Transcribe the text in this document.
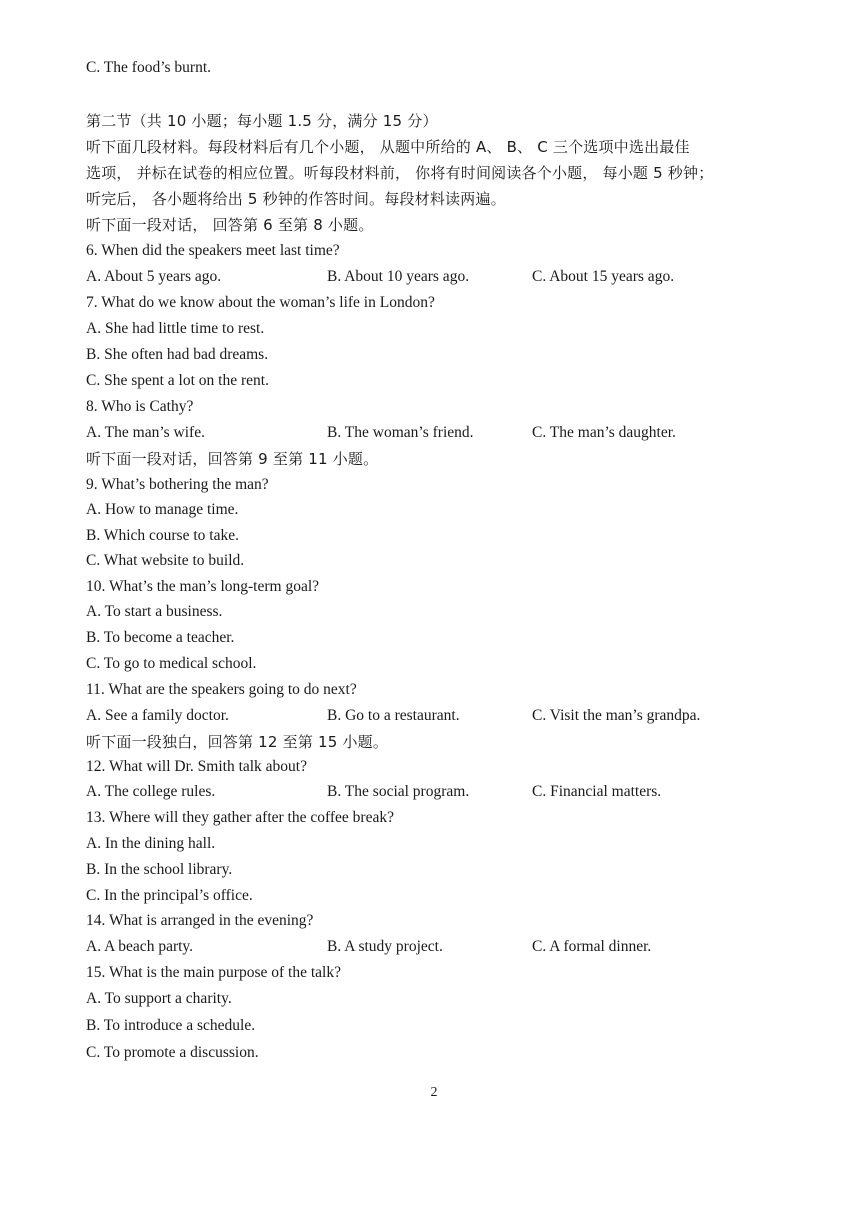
C. The food’s burnt.
第二节（共 10 小题；每小题 1.5 分，满分 15 分）
听下面几段材料。每段材料后有几个小题， 从题中所给的 A、 B、 C 三个选项中选出最佳
选项， 并标在试卷的相应位置。听每段材料前， 你将有时间阅读各个小题， 每小题 5 秒钟；
听完后， 各小题将给出 5 秒钟的作答时间。每段材料读两遍。
听下面一段对话， 回答第 6 至第 8 小题。
6. When did the speakers meet last time?
A. About 5 years ago.	B. About 10 years ago.	C. About 15 years ago.
7. What do we know about the woman’s life in London?
A. She had little time to rest.
B. She often had bad dreams.
C. She spent a lot on the rent.
8. Who is Cathy?
A. The man’s wife.	B. The woman’s friend.	C. The man’s daughter.
听下面一段对话，回答第 9 至第 11 小题。
9. What’s bothering the man?
A. How to manage time.
B. Which course to take.
C. What website to build.
10. What’s the man’s long-term goal?
A. To start a business.
B. To become a teacher.
C. To go to medical school.
11. What are the speakers going to do next?
A. See a family doctor.	B. Go to a restaurant.	C. Visit the man’s grandpa.
听下面一段独白，回答第 12 至第 15 小题。
12. What will Dr. Smith talk about?
A. The college rules.	B. The social program.	C. Financial matters.
13. Where will they gather after the coffee break?
A. In the dining hall.
B. In the school library.
C. In the principal’s office.
14. What is arranged in the evening?
A. A beach party.	B. A study project.	C. A formal dinner.
15. What is the main purpose of the talk?
A. To support a charity.
B. To introduce a schedule.
C. To promote a discussion.
2
